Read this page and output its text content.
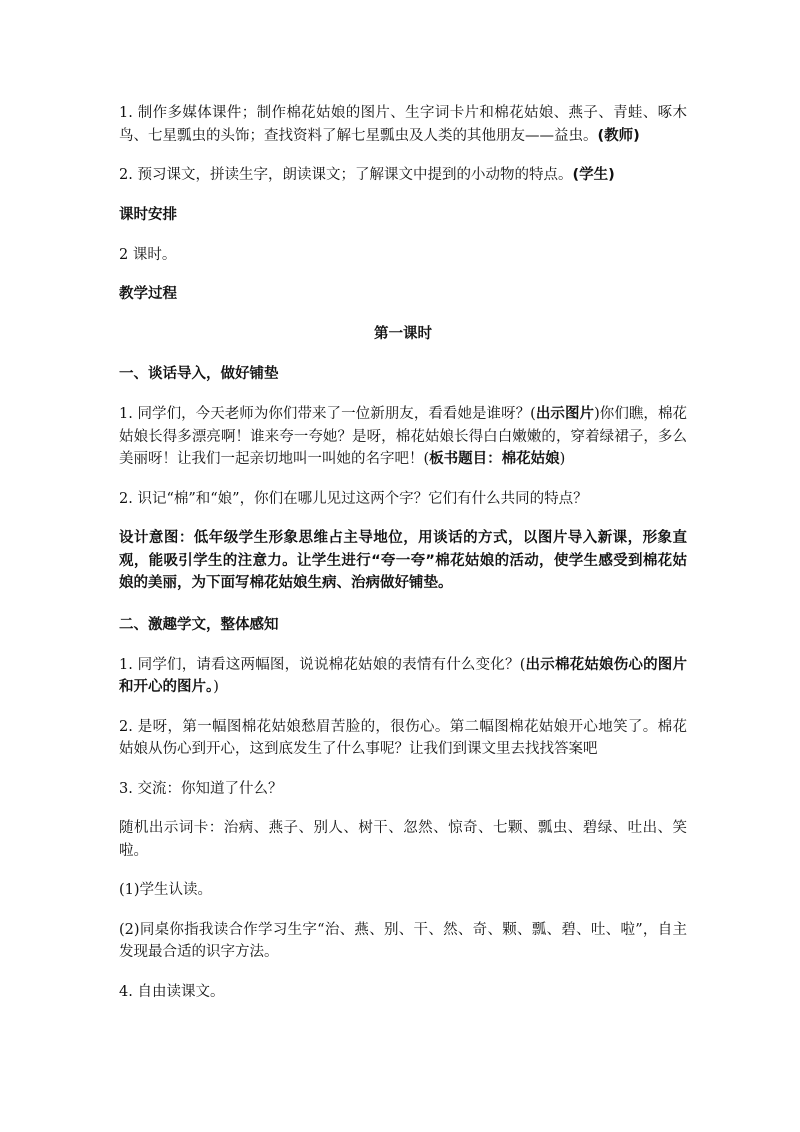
1. 制作多媒体课件；制作棉花姑娘的图片、生字词卡片和棉花姑娘、燕子、青蛙、啄木鸟、七星瓢虫的头饰；查找资料了解七星瓢虫及人类的其他朋友——益虫。(教师)

2. 预习课文，拼读生字，朗读课文；了解课文中提到的小动物的特点。(学生)

课时安排

2 课时。

教学过程

第一课时

一、谈话导入，做好铺垫

1. 同学们，今天老师为你们带来了一位新朋友，看看她是谁呀？(出示图片)你们瞧，棉花姑娘长得多漂亮啊！谁来夸一夸她？是呀，棉花姑娘长得白白嫩嫩的，穿着绿裙子，多么美丽呀！让我们一起亲切地叫一叫她的名字吧！(板书题目：棉花姑娘)

2. 识记“棉”和“娘”，你们在哪儿见过这两个字？它们有什么共同的特点？

设计意图：低年级学生形象思维占主导地位，用谈话的方式，以图片导入新课，形象直观，能吸引学生的注意力。让学生进行“夸一夸”棉花姑娘的活动，使学生感受到棉花姑娘的美丽，为下面写棉花姑娘生病、治病做好铺垫。

二、激趣学文，整体感知

1. 同学们，请看这两幅图，说说棉花姑娘的表情有什么变化？(出示棉花姑娘伤心的图片和开心的图片。)

2. 是呀，第一幅图棉花姑娘愁眉苦脸的，很伤心。第二幅图棉花姑娘开心地笑了。棉花姑娘从伤心到开心，这到底发生了什么事呢？让我们到课文里去找找答案吧

3. 交流：你知道了什么？

随机出示词卡：治病、燕子、别人、树干、忽然、惊奇、七颗、瓢虫、碧绿、吐出、笑啦。

(1)学生认读。

(2)同桌你指我读合作学习生字“治、燕、别、干、然、奇、颗、瓢、碧、吐、啦”，自主发现最合适的识字方法。

4. 自由读课文。
